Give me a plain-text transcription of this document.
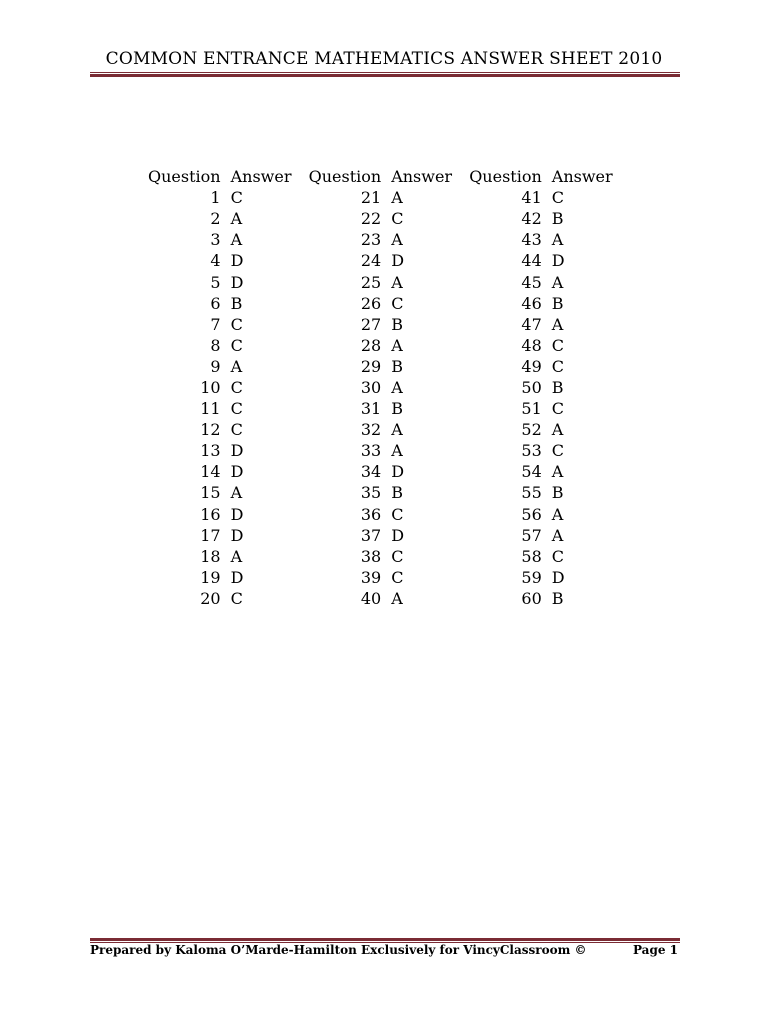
COMMON ENTRANCE MATHEMATICS ANSWER SHEET 2010
Question	Answer	Question	Answer	Question	Answer
1	C	21	A	41	C
2	A	22	C	42	B
3	A	23	A	43	A
4	D	24	D	44	D
5	D	25	A	45	A
6	B	26	C	46	B
7	C	27	B	47	A
8	C	28	A	48	C
9	A	29	B	49	C
10	C	30	A	50	B
11	C	31	B	51	C
12	C	32	A	52	A
13	D	33	A	53	C
14	D	34	D	54	A
15	A	35	B	55	B
16	D	36	C	56	A
17	D	37	D	57	A
18	A	38	C	58	C
19	D	39	C	59	D
20	C	40	A	60	B
Prepared by Kaloma O’Marde-Hamilton Exclusively for VincyClassroom ©	Page 1
